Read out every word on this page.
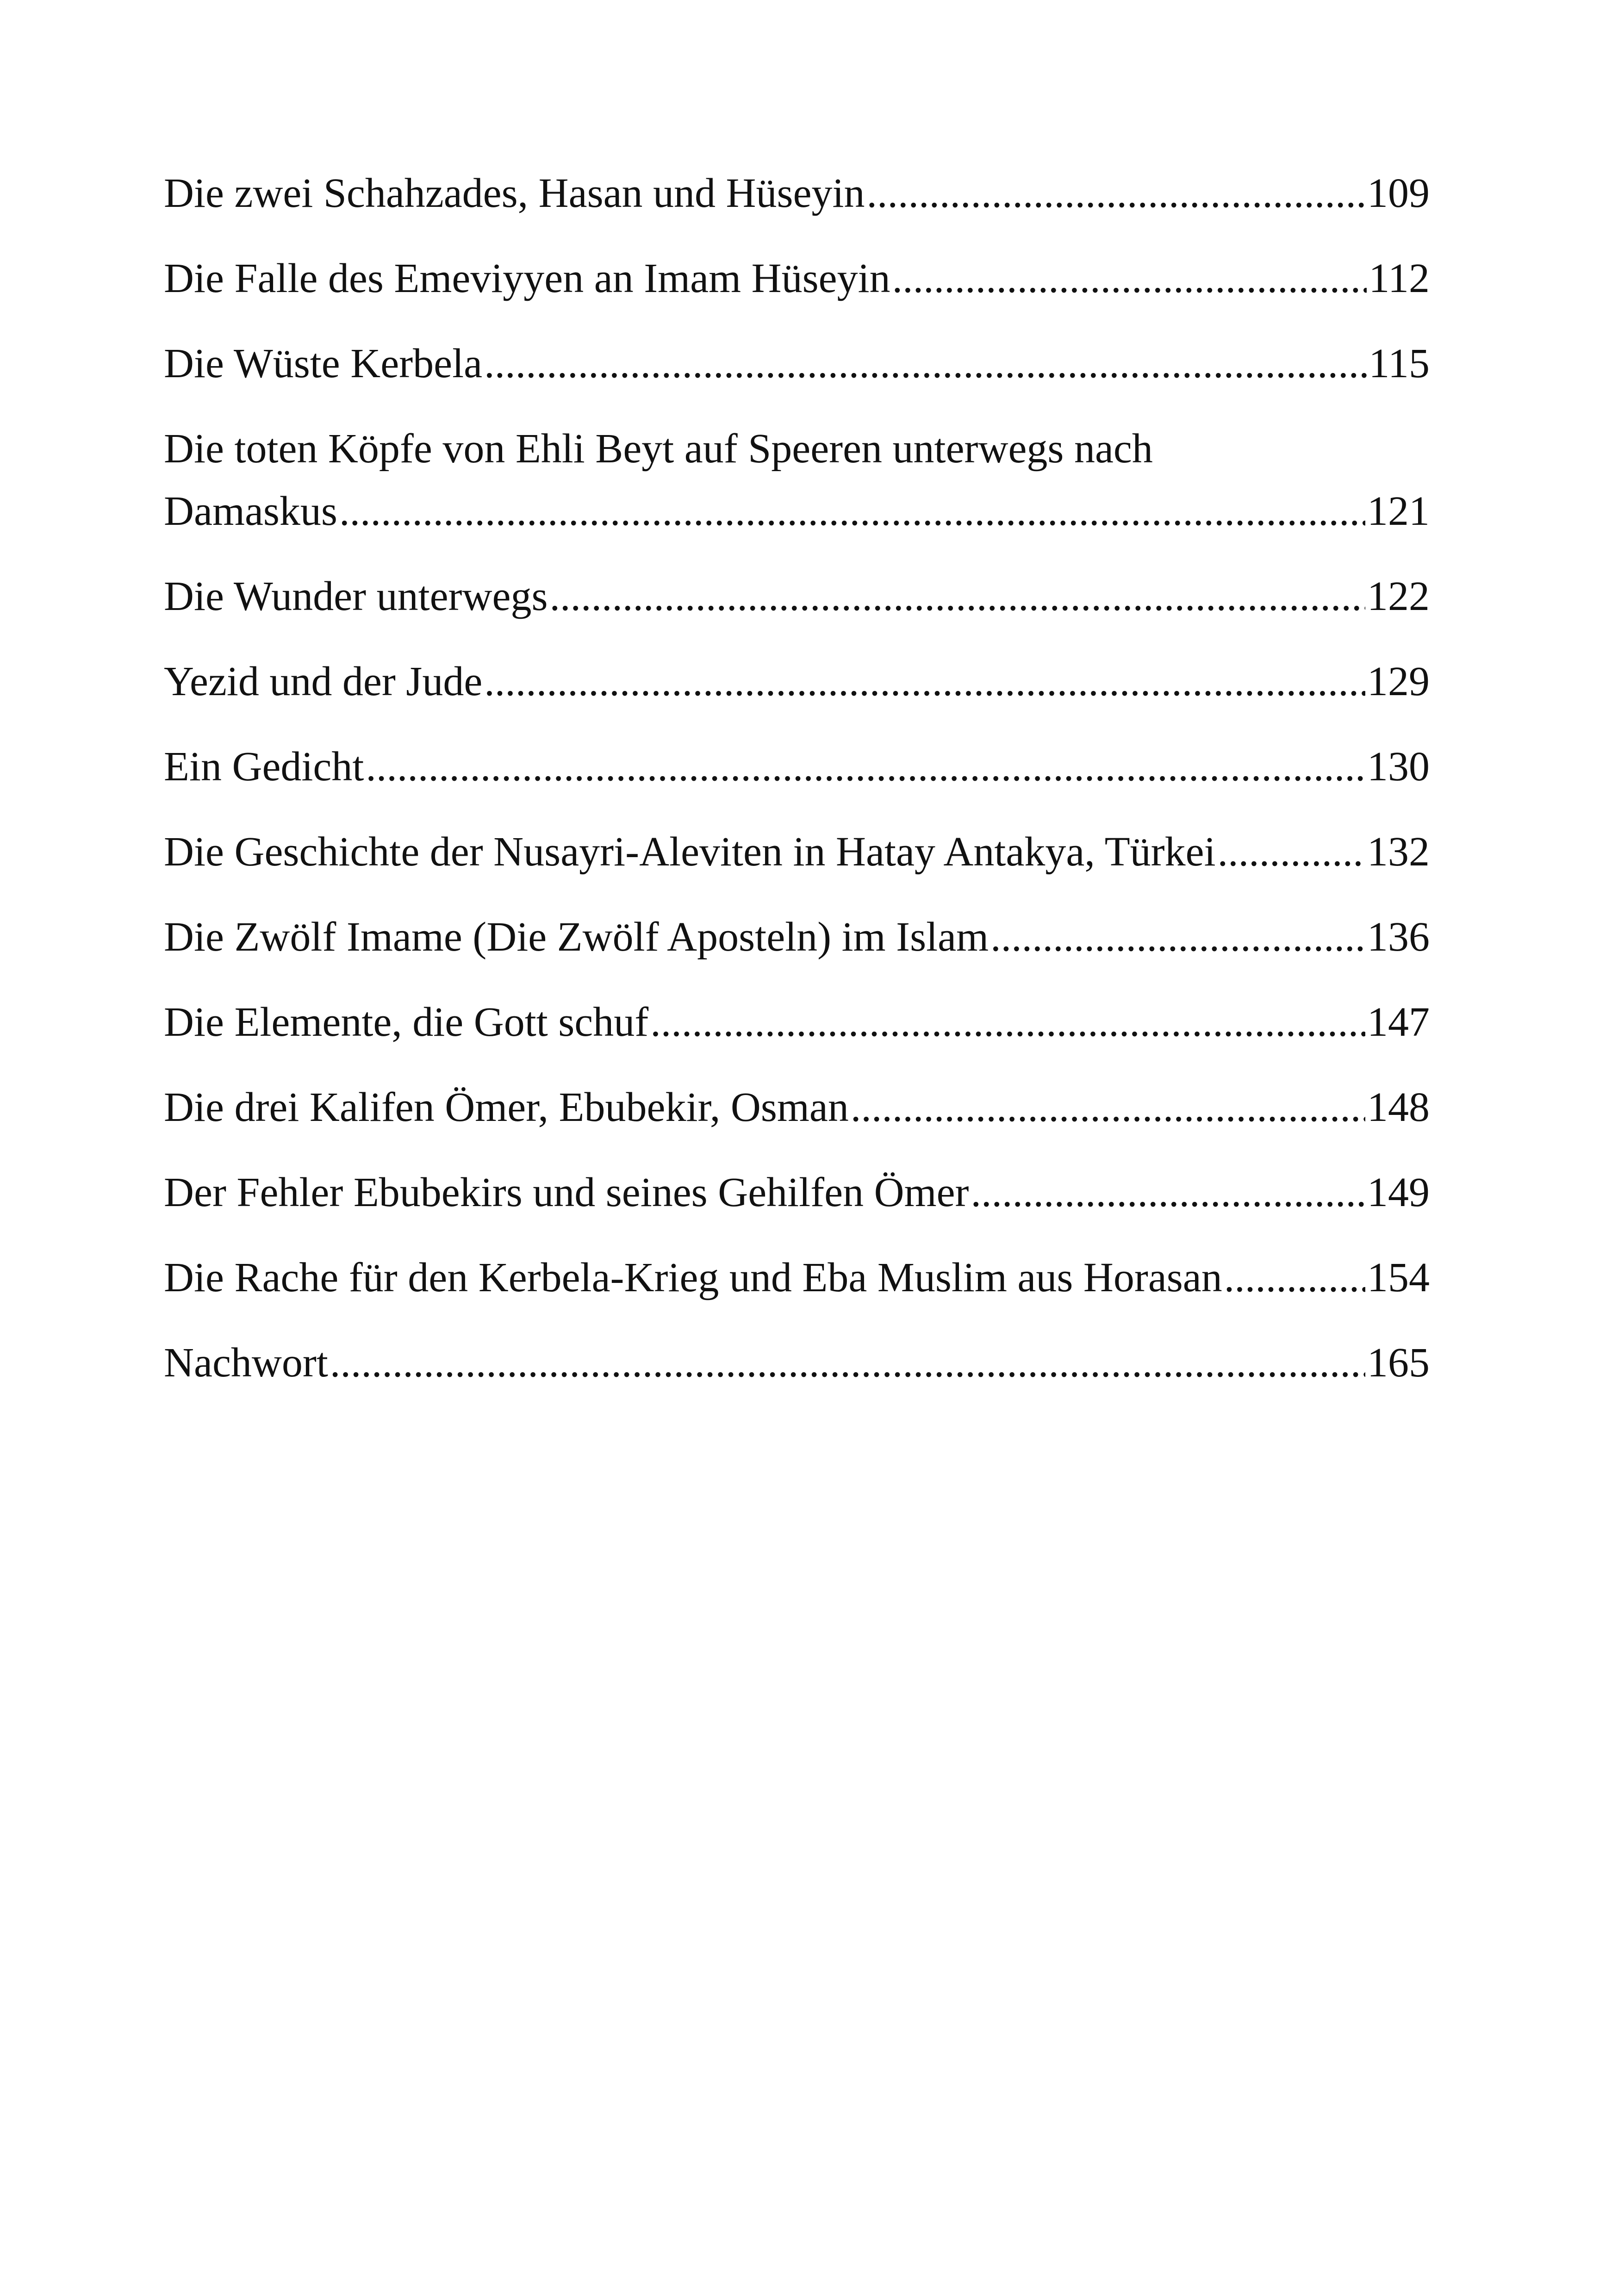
Die zwei Schahzades, Hasan und Hüseyin .....	109
Die Falle des Emeviyyen an Imam Hüseyin .....	112
Die Wüste Kerbela .....	115
Die toten Köpfe von Ehli Beyt auf Speeren unterwegs nach
Damaskus .....	121
Die Wunder unterwegs .....	122
Yezid und der Jude .....	129
Ein Gedicht .....	130
Die Geschichte der Nusayri-Aleviten in Hatay Antakya, Türkei .....	132
Die Zwölf Imame (Die Zwölf Aposteln) im Islam .....	136
Die Elemente, die Gott schuf .....	147
Die drei Kalifen Ömer, Ebubekir, Osman .....	148
Der Fehler Ebubekirs und seines Gehilfen Ömer .....	149
Die Rache für den Kerbela-Krieg und Eba Muslim aus Horasan .....	154
Nachwort .....	165
